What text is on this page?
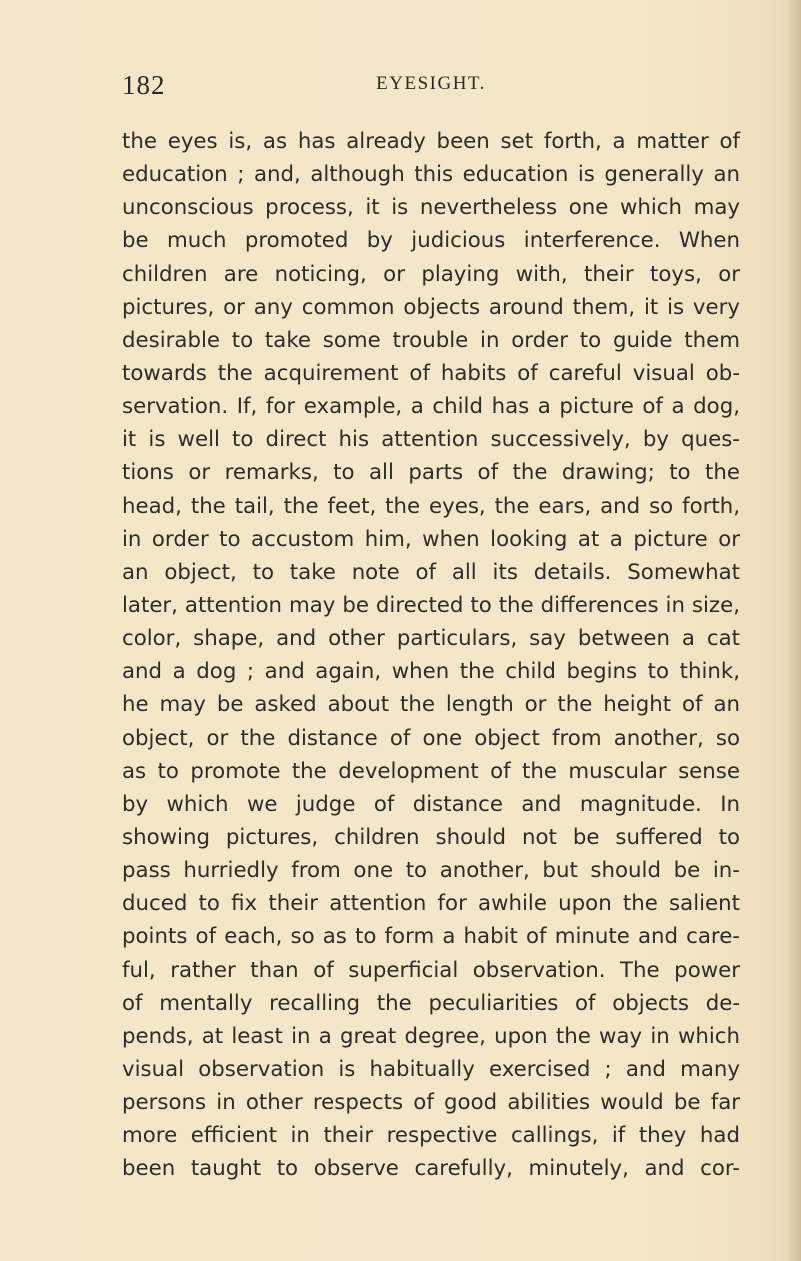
182	EYESIGHT.
the eyes is, as has already been set forth, a matter of
education ; and, although this education is generally an
unconscious process, it is nevertheless one which may
be much promoted by judicious interference. When
children are noticing, or playing with, their toys, or
pictures, or any common objects around them, it is very
desirable to take some trouble in order to guide them
towards the acquirement of habits of careful visual ob-
servation. If, for example, a child has a picture of a dog,
it is well to direct his attention successively, by ques-
tions or remarks, to all parts of the drawing; to the
head, the tail, the feet, the eyes, the ears, and so forth,
in order to accustom him, when looking at a picture or
an object, to take note of all its details. Somewhat
later, attention may be directed to the differences in size,
color, shape, and other particulars, say between a cat
and a dog ; and again, when the child begins to think,
he may be asked about the length or the height of an
object, or the distance of one object from another, so
as to promote the development of the muscular sense
by which we judge of distance and magnitude. In
showing pictures, children should not be suffered to
pass hurriedly from one to another, but should be in-
duced to fix their attention for awhile upon the salient
points of each, so as to form a habit of minute and care-
ful, rather than of superficial observation. The power
of mentally recalling the peculiarities of objects de-
pends, at least in a great degree, upon the way in which
visual observation is habitually exercised ; and many
persons in other respects of good abilities would be far
more efficient in their respective callings, if they had
been taught to observe carefully, minutely, and cor-
